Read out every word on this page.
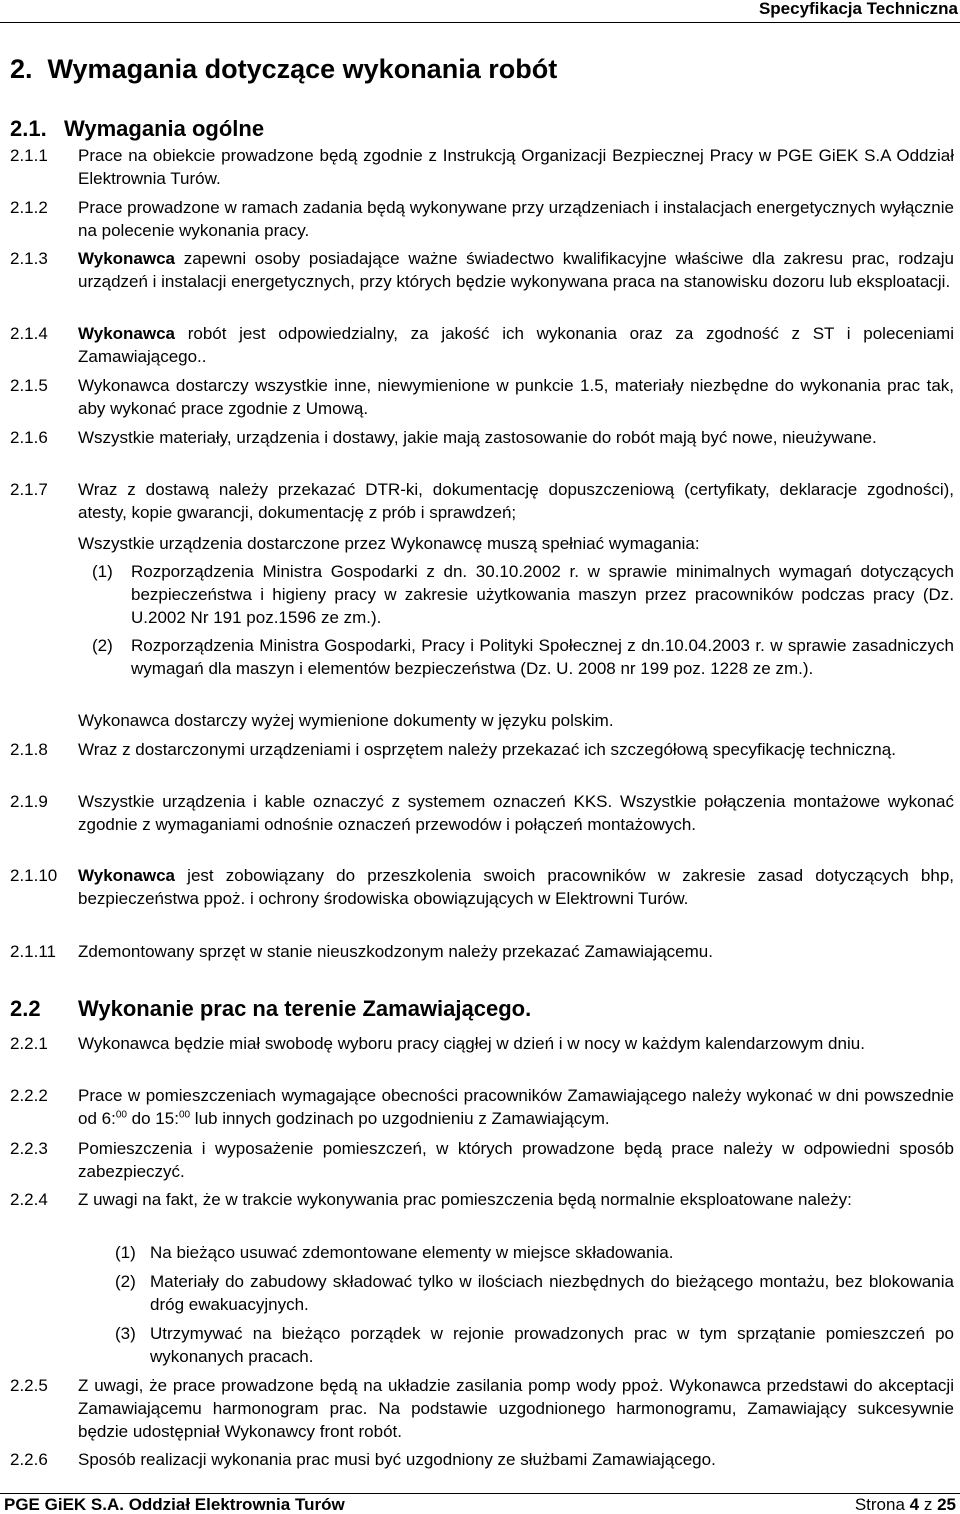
Specyfikacja Techniczna
2. Wymagania dotyczące wykonania robót
2.1. Wymagania ogólne
2.1.1 Prace na obiekcie prowadzone będą zgodnie z Instrukcją Organizacji Bezpiecznej Pracy w PGE GiEK S.A Oddział Elektrownia Turów.
2.1.2 Prace prowadzone w ramach zadania będą wykonywane przy urządzeniach i instalacjach energetycznych wyłącznie na polecenie wykonania pracy.
2.1.3 Wykonawca zapewni osoby posiadające ważne świadectwo kwalifikacyjne właściwe dla zakresu prac, rodzaju urządzeń i instalacji energetycznych, przy których będzie wykonywana praca na stanowisku dozoru lub eksploatacji.
2.1.4 Wykonawca robót jest odpowiedzialny, za jakość ich wykonania oraz za zgodność z ST i poleceniami Zamawiającego..
2.1.5 Wykonawca dostarczy wszystkie inne, niewymienione w punkcie 1.5, materiały niezbędne do wykonania prac tak, aby wykonać prace zgodnie z Umową.
2.1.6 Wszystkie materiały, urządzenia i dostawy, jakie mają zastosowanie do robót mają być nowe, nieużywane.
2.1.7 Wraz z dostawą należy przekazać DTR-ki, dokumentację dopuszczeniową (certyfikaty, deklaracje zgodności), atesty, kopie gwarancji, dokumentację z prób i sprawdzeń;
Wszystkie urządzenia dostarczone przez Wykonawcę muszą spełniać wymagania:
(1) Rozporządzenia Ministra Gospodarki z dn. 30.10.2002 r. w sprawie minimalnych wymagań dotyczących bezpieczeństwa i higieny pracy w zakresie użytkowania maszyn przez pracowników podczas pracy (Dz. U.2002 Nr 191 poz.1596 ze zm.).
(2) Rozporządzenia Ministra Gospodarki, Pracy i Polityki Społecznej z dn.10.04.2003 r. w sprawie zasadniczych wymagań dla maszyn i elementów bezpieczeństwa (Dz. U. 2008 nr 199 poz. 1228 ze zm.).
Wykonawca dostarczy wyżej wymienione dokumenty w języku polskim.
2.1.8 Wraz z dostarczonymi urządzeniami i osprzętem należy przekazać ich szczegółową specyfikację techniczną.
2.1.9 Wszystkie urządzenia i kable oznaczyć z systemem oznaczeń KKS. Wszystkie połączenia montażowe wykonać zgodnie z wymaganiami odnośnie oznaczeń przewodów i połączeń montażowych.
2.1.10 Wykonawca jest zobowiązany do przeszkolenia swoich pracowników w zakresie zasad dotyczących bhp, bezpieczeństwa ppoż. i ochrony środowiska obowiązujących w Elektrowni Turów.
2.1.11 Zdemontowany sprzęt w stanie nieuszkodzonym należy przekazać Zamawiającemu.
2.2 Wykonanie prac na terenie Zamawiającego.
2.2.1 Wykonawca będzie miał swobodę wyboru pracy ciągłej w dzień i w nocy w każdym kalendarzowym dniu.
2.2.2 Prace w pomieszczeniach wymagające obecności pracowników Zamawiającego należy wykonać w dni powszednie od 6:$^{00}$ do 15:$^{00}$ lub innych godzinach po uzgodnieniu z Zamawiającym.
2.2.3 Pomieszczenia i wyposażenie pomieszczeń, w których prowadzone będą prace należy w odpowiedni sposób zabezpieczyć.
2.2.4 Z uwagi na fakt, że w trakcie wykonywania prac pomieszczenia będą normalnie eksploatowane należy:
(1) Na bieżąco usuwać zdemontowane elementy w miejsce składowania.
(2) Materiały do zabudowy składować tylko w ilościach niezbędnych do bieżącego montażu, bez blokowania dróg ewakuacyjnych.
(3) Utrzymywać na bieżąco porządek w rejonie prowadzonych prac w tym sprzątanie pomieszczeń po wykonanych pracach.
2.2.5 Z uwagi, że prace prowadzone będą na układzie zasilania pomp wody ppoż. Wykonawca przedstawi do akceptacji Zamawiającemu harmonogram prac. Na podstawie uzgodnionego harmonogramu, Zamawiający sukcesywnie będzie udostępniał Wykonawcy front robót.
2.2.6 Sposób realizacji wykonania prac musi być uzgodniony ze służbami Zamawiającego.
PGE GiEK S.A. Oddział Elektrownia Turów	Strona 4 z 25
